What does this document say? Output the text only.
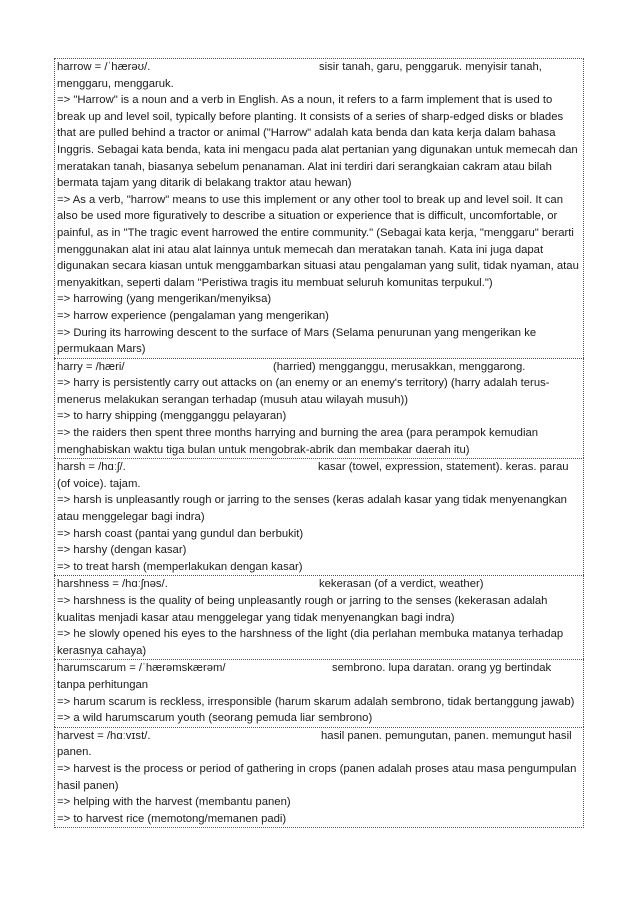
harrow = /ˈhærəʊ/.	sisir tanah, garu, penggaruk. menyisir tanah, menggaru, menggaruk.
=> "Harrow" is a noun and a verb in English. As a noun, it refers to a farm implement that is used to break up and level soil, typically before planting. It consists of a series of sharp-edged disks or blades that are pulled behind a tractor or animal ("Harrow" adalah kata benda dan kata kerja dalam bahasa Inggris. Sebagai kata benda, kata ini mengacu pada alat pertanian yang digunakan untuk memecah dan meratakan tanah, biasanya sebelum penanaman. Alat ini terdiri dari serangkaian cakram atau bilah bermata tajam yang ditarik di belakang traktor atau hewan)
=> As a verb, "harrow" means to use this implement or any other tool to break up and level soil. It can also be used more figuratively to describe a situation or experience that is difficult, uncomfortable, or painful, as in "The tragic event harrowed the entire community." (Sebagai kata kerja, "menggaru" berarti menggunakan alat ini atau alat lainnya untuk memecah dan meratakan tanah. Kata ini juga dapat digunakan secara kiasan untuk menggambarkan situasi atau pengalaman yang sulit, tidak nyaman, atau menyakitkan, seperti dalam "Peristiwa tragis itu membuat seluruh komunitas terpukul.")
=> harrowing (yang mengerikan/menyiksa)
=> harrow experience (pengalaman yang mengerikan)
=> During its harrowing descent to the surface of Mars (Selama penurunan yang mengerikan ke permukaan Mars)
harry = /hæri/	(harried) mengganggu, merusakkan, menggarong.
=> harry is persistently carry out attacks on (an enemy or an enemy's territory) (harry adalah terus-menerus melakukan serangan terhadap (musuh atau wilayah musuh))
=> to harry shipping (mengganggu pelayaran)
=> the raiders then spent three months harrying and burning the area (para perampok kemudian menghabiskan waktu tiga bulan untuk mengobrak-abrik dan membakar daerah itu)
harsh = /hɑːʃ/.	kasar (towel, expression, statement). keras. parau (of voice). tajam.
=> harsh is unpleasantly rough or jarring to the senses (keras adalah kasar yang tidak menyenangkan atau menggelegar bagi indra)
=> harsh coast (pantai yang gundul dan berbukit)
=> harshy (dengan kasar)
=> to treat harsh (memperlakukan dengan kasar)
harshness = /hɑːʃnəs/.	kekerasan (of a verdict, weather)
=> harshness is the quality of being unpleasantly rough or jarring to the senses (kekerasan adalah kualitas menjadi kasar atau menggelegar yang tidak menyenangkan bagi indra)
=> he slowly opened his eyes to the harshness of the light (dia perlahan membuka matanya terhadap kerasnya cahaya)
harumscarum = /ˈhærəmskærəm/	sembrono. lupa daratan. orang yg bertindak tanpa perhitungan
=> harum scarum is reckless, irresponsible (harum skarum adalah sembrono, tidak bertanggung jawab)
=> a wild harumscarum youth (seorang pemuda liar sembrono)
harvest = /hɑːvɪst/.	hasil panen. pemungutan, panen. memungut hasil panen.
=> harvest is the process or period of gathering in crops (panen adalah proses atau masa pengumpulan hasil panen)
=> helping with the harvest (membantu panen)
=> to harvest rice (memotong/memanen padi)
